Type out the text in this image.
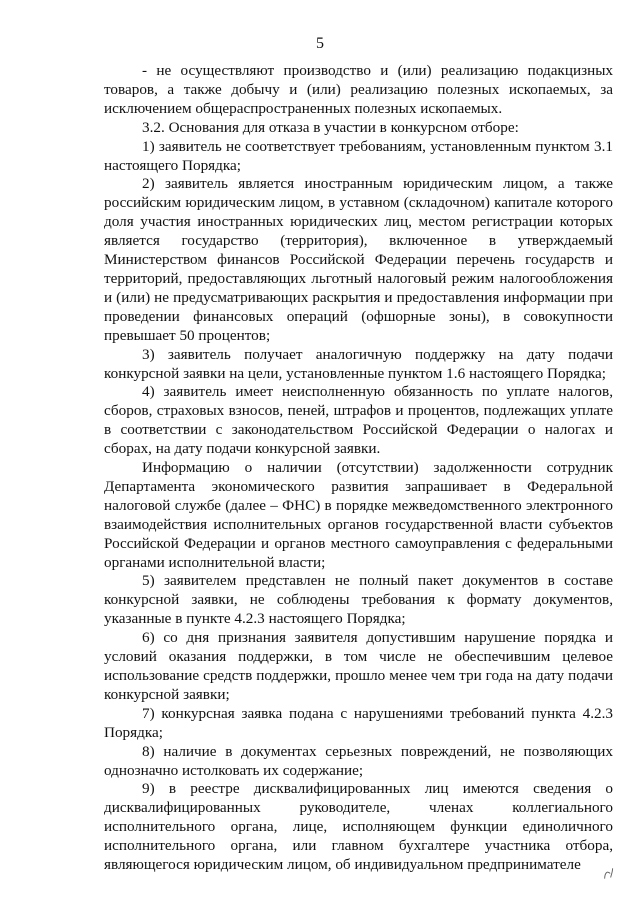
5

- не осуществляют производство и (или) реализацию подакцизных товаров, а также добычу и (или) реализацию полезных ископаемых, за исключением общераспространенных полезных ископаемых.

3.2. Основания для отказа в участии в конкурсном отборе:

1) заявитель не соответствует требованиям, установленным пунктом 3.1 настоящего Порядка;

2) заявитель является иностранным юридическим лицом, а также российским юридическим лицом, в уставном (складочном) капитале которого доля участия иностранных юридических лиц, местом регистрации которых является государство (территория), включенное в утверждаемый Министерством финансов Российской Федерации перечень государств и территорий, предоставляющих льготный налоговый режим налогообложения и (или) не предусматривающих раскрытия и предоставления информации при проведении финансовых операций (офшорные зоны), в совокупности превышает 50 процентов;

3) заявитель получает аналогичную поддержку на дату подачи конкурсной заявки на цели, установленные пунктом 1.6 настоящего Порядка;

4) заявитель имеет неисполненную обязанность по уплате налогов, сборов, страховых взносов, пеней, штрафов и процентов, подлежащих уплате в соответствии с законодательством Российской Федерации о налогах и сборах, на дату подачи конкурсной заявки.

Информацию о наличии (отсутствии) задолженности сотрудник Департамента экономического развития запрашивает в Федеральной налоговой службе (далее – ФНС) в порядке межведомственного электронного взаимодействия исполнительных органов государственной власти субъектов Российской Федерации и органов местного самоуправления с федеральными органами исполнительной власти;

5) заявителем представлен не полный пакет документов в составе конкурсной заявки, не соблюдены требования к формату документов, указанные в пункте 4.2.3 настоящего Порядка;

6) со дня признания заявителя допустившим нарушение порядка и условий оказания поддержки, в том числе не обеспечившим целевое использование средств поддержки, прошло менее чем три года на дату подачи конкурсной заявки;

7) конкурсная заявка подана с нарушениями требований пункта 4.2.3 Порядка;

8) наличие в документах серьезных повреждений, не позволяющих однозначно истолковать их содержание;

9) в реестре дисквалифицированных лиц имеются сведения о дисквалифицированных руководителе, членах коллегиального исполнительного органа, лице, исполняющем функции единоличного исполнительного органа, или главном бухгалтере участника отбора, являющегося юридическим лицом, об индивидуальном предпринимателе
